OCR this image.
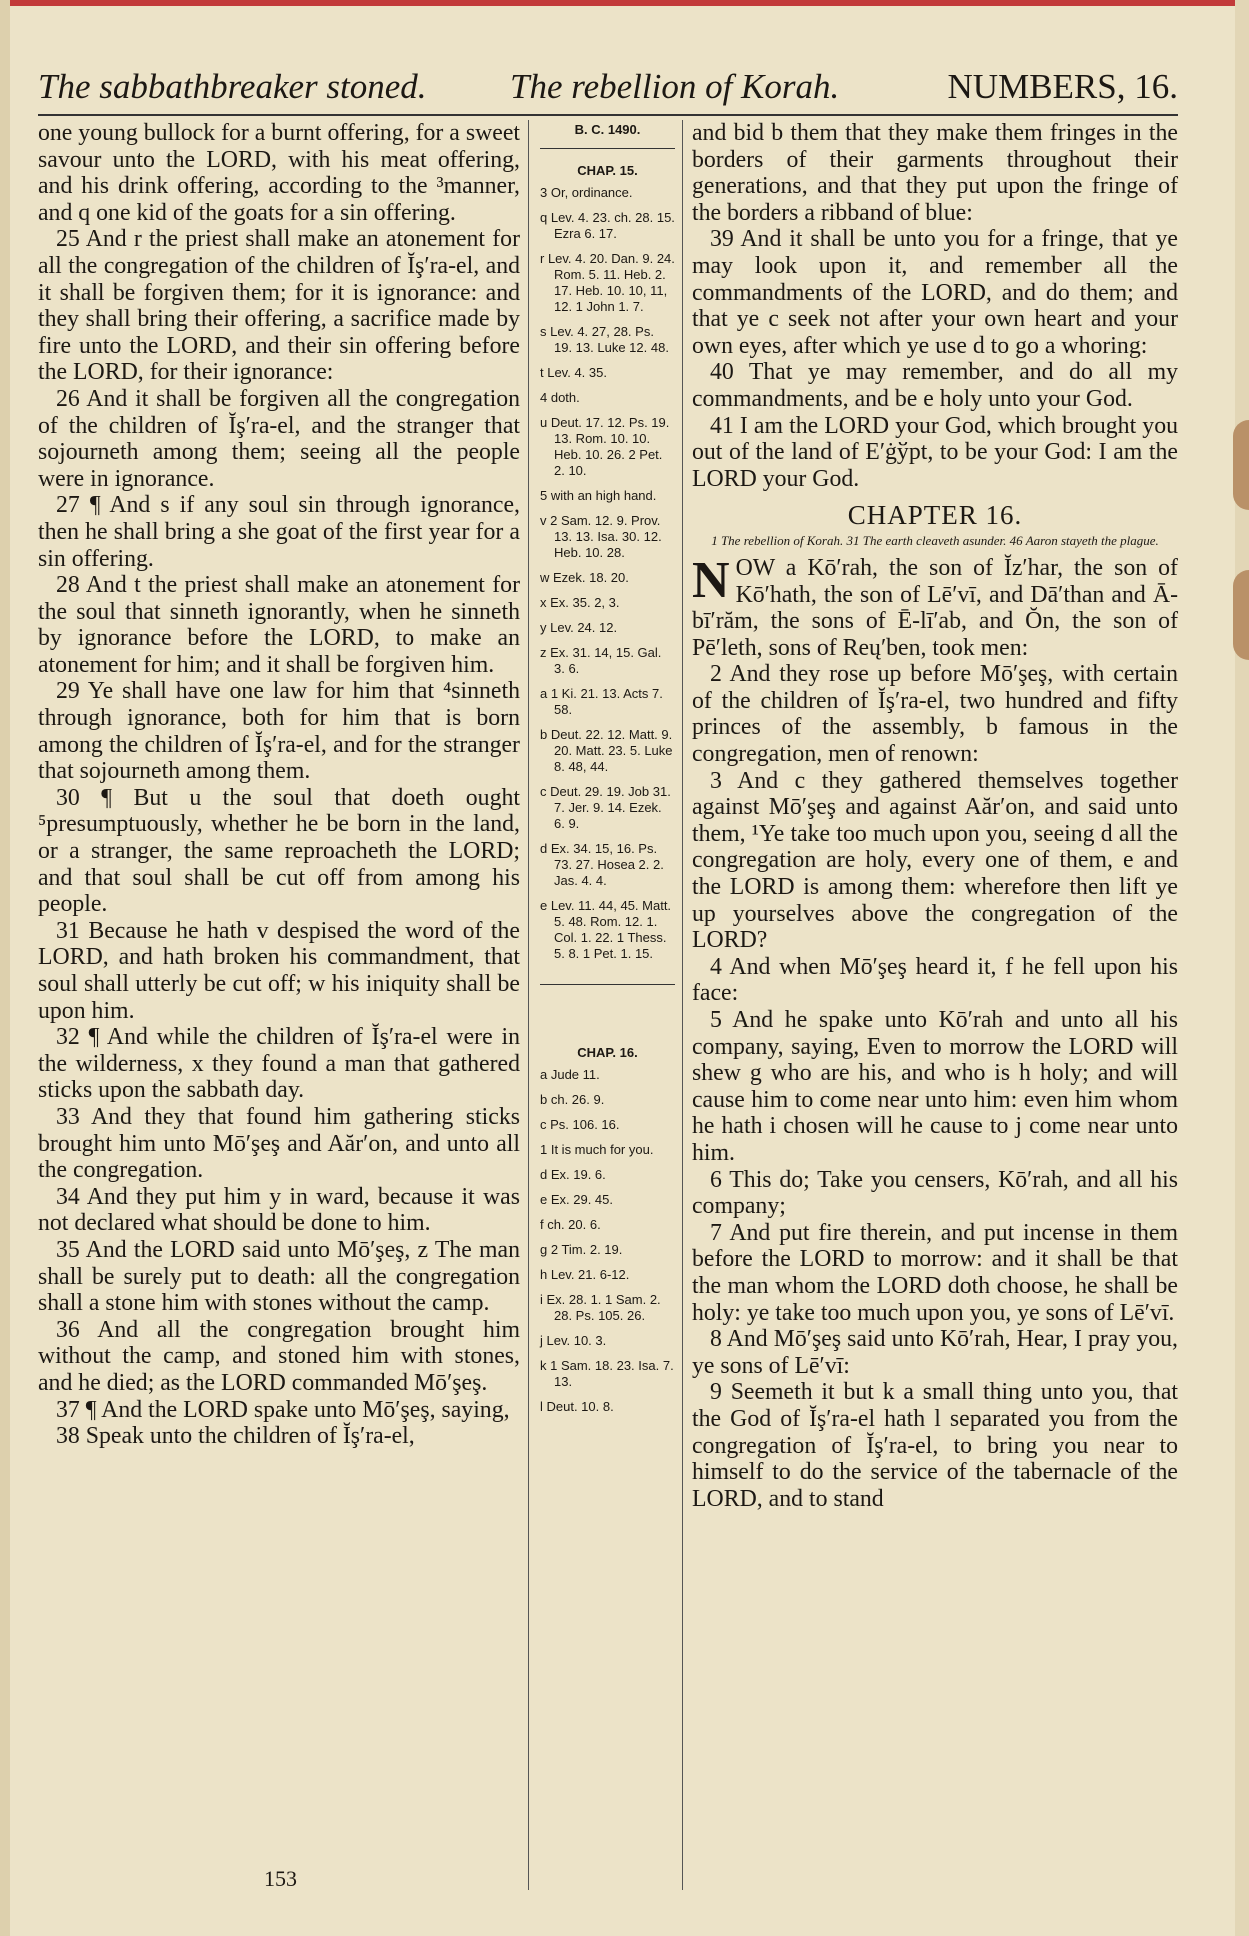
The sabbathbreaker stoned. The rebellion of Korah.	NUMBERS, 16.

one young bullock for a burnt offering, for a sweet savour unto the LORD, with his meat offering, and his drink offering, according to the ³manner, and q one kid of the goats for a sin offering.

25 And r the priest shall make an atonement for all the congregation of the children of Ĭş′ra-el, and it shall be forgiven them; for it is ignorance: and they shall bring their offering, a sacrifice made by fire unto the LORD, and their sin offering before the LORD, for their ignorance:

26 And it shall be forgiven all the congregation of the children of Ĭş′ra-el, and the stranger that sojourneth among them; seeing all the people were in ignorance.

27 ¶ And s if any soul sin through ignorance, then he shall bring a she goat of the first year for a sin offering.

28 And t the priest shall make an atonement for the soul that sinneth ignorantly, when he sinneth by ignorance before the LORD, to make an atonement for him; and it shall be forgiven him.

29 Ye shall have one law for him that ⁴sinneth through ignorance, both for him that is born among the children of Ĭş′ra-el, and for the stranger that sojourneth among them.

30 ¶ But u the soul that doeth ought ⁵presumptuously, whether he be born in the land, or a stranger, the same reproacheth the LORD; and that soul shall be cut off from among his people.

31 Because he hath v despised the word of the LORD, and hath broken his commandment, that soul shall utterly be cut off; w his iniquity shall be upon him.

32 ¶ And while the children of Ĭş′ra-el were in the wilderness, x they found a man that gathered sticks upon the sabbath day.

33 And they that found him gathering sticks brought him unto Mō′şeş and Aăr′on, and unto all the congregation.

34 And they put him y in ward, because it was not declared what should be done to him.

35 And the LORD said unto Mō′şeş, z The man shall be surely put to death: all the congregation shall a stone him with stones without the camp.

36 And all the congregation brought him without the camp, and stoned him with stones, and he died; as the LORD commanded Mō′şeş.

37 ¶ And the LORD spake unto Mō′şeş, saying,

38 Speak unto the children of Ĭş′ra-el,

B. C. 1490.
CHAP. 15.

3 Or, ordinance.

q Lev. 4. 23. ch. 28. 15. Ezra 6. 17.

r Lev. 4. 20. Dan. 9. 24. Rom. 5. 11. Heb. 2. 17. Heb. 10. 10, 11, 12. 1 John 1. 7.

s Lev. 4. 27, 28. Ps. 19. 13. Luke 12. 48.

t Lev. 4. 35.

4 doth.

u Deut. 17. 12. Ps. 19. 13. Rom. 10. 10. Heb. 10. 26. 2 Pet. 2. 10.

5 with an high hand.

v 2 Sam. 12. 9. Prov. 13. 13. Isa. 30. 12. Heb. 10. 28.

w Ezek. 18. 20.

x Ex. 35. 2, 3.

y Lev. 24. 12.

z Ex. 31. 14, 15. Gal. 3. 6.

a 1 Ki. 21. 13. Acts 7. 58.

b Deut. 22. 12. Matt. 9. 20. Matt. 23. 5. Luke 8. 48, 44.

c Deut. 29. 19. Job 31. 7. Jer. 9. 14. Ezek. 6. 9.

d Ex. 34. 15, 16. Ps. 73. 27. Hosea 2. 2. Jas. 4. 4.

e Lev. 11. 44, 45. Matt. 5. 48. Rom. 12. 1. Col. 1. 22. 1 Thess. 5. 8. 1 Pet. 1. 15.

CHAP. 16.

a Jude 11.

b ch. 26. 9.

c Ps. 106. 16.

1 It is much for you.

d Ex. 19. 6.

e Ex. 29. 45.

f ch. 20. 6.

g 2 Tim. 2. 19.

h Lev. 21. 6-12.

i Ex. 28. 1. 1 Sam. 2. 28. Ps. 105. 26.

j Lev. 10. 3.

k 1 Sam. 18. 23. Isa. 7. 13.

l Deut. 10. 8.

and bid b them that they make them fringes in the borders of their garments throughout their generations, and that they put upon the fringe of the borders a ribband of blue:

39 And it shall be unto you for a fringe, that ye may look upon it, and remember all the commandments of the LORD, and do them; and that ye c seek not after your own heart and your own eyes, after which ye use d to go a whoring:

40 That ye may remember, and do all my commandments, and be e holy unto your God.

41 I am the LORD your God, which brought you out of the land of E′ġўpt, to be your God: I am the LORD your God.

CHAPTER 16.
1 The rebellion of Korah. 31 The earth cleaveth asunder. 46 Aaron stayeth the plague.

NOW a Kō′rah, the son of Ĭz′har, the son of Kō′hath, the son of Lē′vī, and Dā′than and Ā-bī′răm, the sons of Ē-lī′ab, and Ŏn, the son of Pē′leth, sons of Reų′ben, took men:

2 And they rose up before Mō′şeş, with certain of the children of Ĭş′ra-el, two hundred and fifty princes of the assembly, b famous in the congregation, men of renown:

3 And c they gathered themselves together against Mō′şeş and against Aăr′on, and said unto them, ¹Ye take too much upon you, seeing d all the congregation are holy, every one of them, e and the LORD is among them: wherefore then lift ye up yourselves above the congregation of the LORD?

4 And when Mō′şeş heard it, f he fell upon his face:

5 And he spake unto Kō′rah and unto all his company, saying, Even to morrow the LORD will shew g who are his, and who is h holy; and will cause him to come near unto him: even him whom he hath i chosen will he cause to j come near unto him.

6 This do; Take you censers, Kō′rah, and all his company;

7 And put fire therein, and put incense in them before the LORD to morrow: and it shall be that the man whom the LORD doth choose, he shall be holy: ye take too much upon you, ye sons of Lē′vī.

8 And Mō′şeş said unto Kō′rah, Hear, I pray you, ye sons of Lē′vī:

9 Seemeth it but k a small thing unto you, that the God of Ĭş′ra-el hath l separated you from the congregation of Ĭş′ra-el, to bring you near to himself to do the service of the tabernacle of the LORD, and to stand

153
